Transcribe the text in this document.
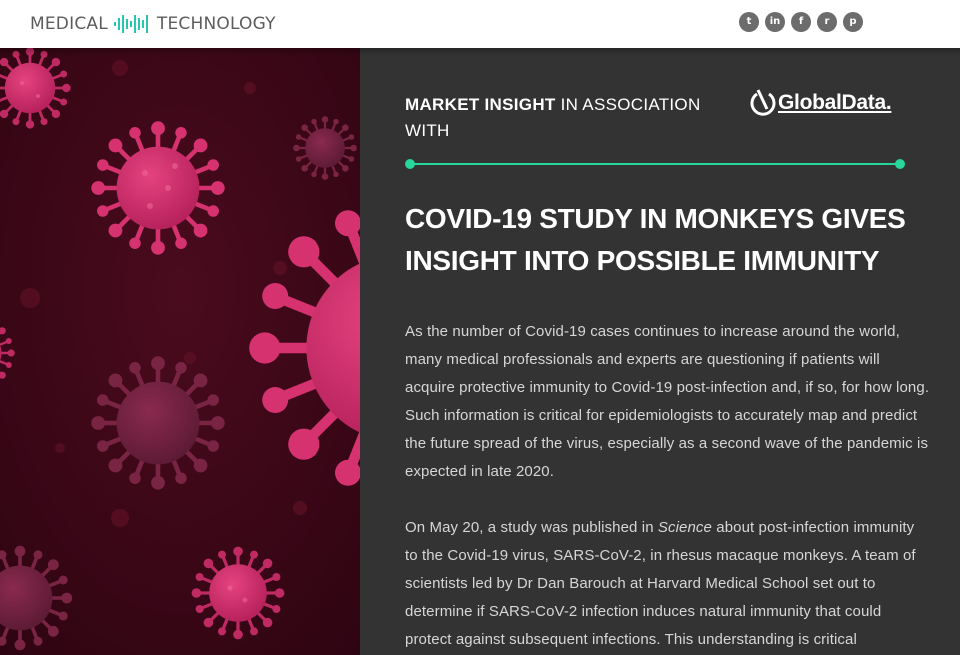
MEDICAL	TECHNOLOGY	t	in	f	r	p
MARKET INSIGHT IN ASSOCIATION WITH
GlobalData.
COVID-19 STUDY IN MONKEYS GIVES
INSIGHT INTO POSSIBLE IMMUNITY

As the number of Covid-19 cases continues to increase around the world, many medical professionals and experts are questioning if patients will acquire protective immunity to Covid-19 post-infection and, if so, for how long. Such information is critical for epidemiologists to accurately map and predict the future spread of the virus, especially as a second wave of the pandemic is expected in late 2020.

On May 20, a study was published in Science about post-infection immunity to the Covid-19 virus, SARS-CoV-2, in rhesus macaque monkeys. A team of scientists led by Dr Dan Barouch at Harvard Medical School set out to determine if SARS-CoV-2 infection induces natural immunity that could protect against subsequent infections. This understanding is critical
